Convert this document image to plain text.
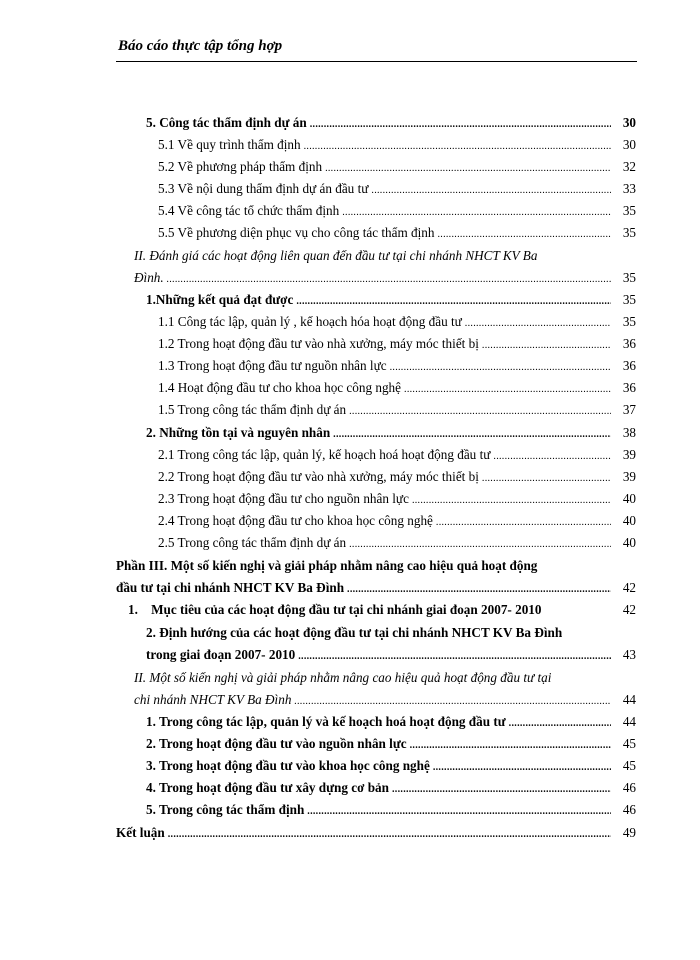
Báo cáo thực tập tổng hợp
5. Công tác thẩm định dự án .....	30
5.1 Về quy trình thẩm định .....	30
5.2 Về phương pháp thẩm định .....	32
5.3 Về nội dung thẩm định dự án đầu tư .....	33
5.4 Về công tác tổ chức thẩm định .....	35
5.5 Về phương diện phục vụ cho công tác thẩm định .....	35
II. Đánh giá các hoạt động liên quan đến đầu tư tại chi nhánh NHCT KV Ba
Đình. .....	35
1.Những kết quả đạt được .....	35
1.1 Công tác lập, quản lý , kế hoạch hóa hoạt động đầu tư .....	35
1.2 Trong hoạt động đầu tư vào nhà xưởng, máy móc thiết bị .....	36
1.3 Trong hoạt động đầu tư nguồn nhân lực .....	36
1.4 Hoạt động đầu tư cho khoa học công nghệ .....	36
1.5 Trong công tác thẩm định dự án .....	37
2. Những tồn tại và nguyên nhân .....	38
2.1 Trong công tác lập, quản lý, kế hoạch hoá hoạt động đầu tư .....	39
2.2 Trong hoạt động đầu tư vào nhà xưởng, máy móc thiết bị .....	39
2.3 Trong hoạt động đầu tư cho nguồn nhân lực .....	40
2.4 Trong hoạt động đầu tư cho khoa học công nghệ .....	40
2.5 Trong công tác thẩm định dự án .....	40
Phần III. Một số kiến nghị và giải pháp nhằm nâng cao hiệu quả hoạt động
đầu tư tại chi nhánh NHCT KV Ba Đình .....	42
1.    Mục tiêu của các hoạt động đầu tư tại chi nhánh giai đoạn 2007- 2010	42
2. Định hướng của các hoạt động đầu tư tại chi nhánh NHCT KV Ba Đình
trong giai đoạn 2007- 2010 .....	43
II. Một số kiến nghị và giải pháp nhằm nâng cao hiệu quả hoạt động đầu tư tại
chi nhánh NHCT KV Ba Đình .....	44
1. Trong công tác lập, quản lý và kế hoạch hoá hoạt động đầu tư .....	44
2. Trong hoạt động đầu tư vào nguồn nhân lực .....	45
3. Trong hoạt động đầu tư vào khoa học công nghệ .....	45
4. Trong hoạt động đầu tư xây dựng cơ bản .....	46
5. Trong công tác thẩm định .....	46
Kết luận .....	49
